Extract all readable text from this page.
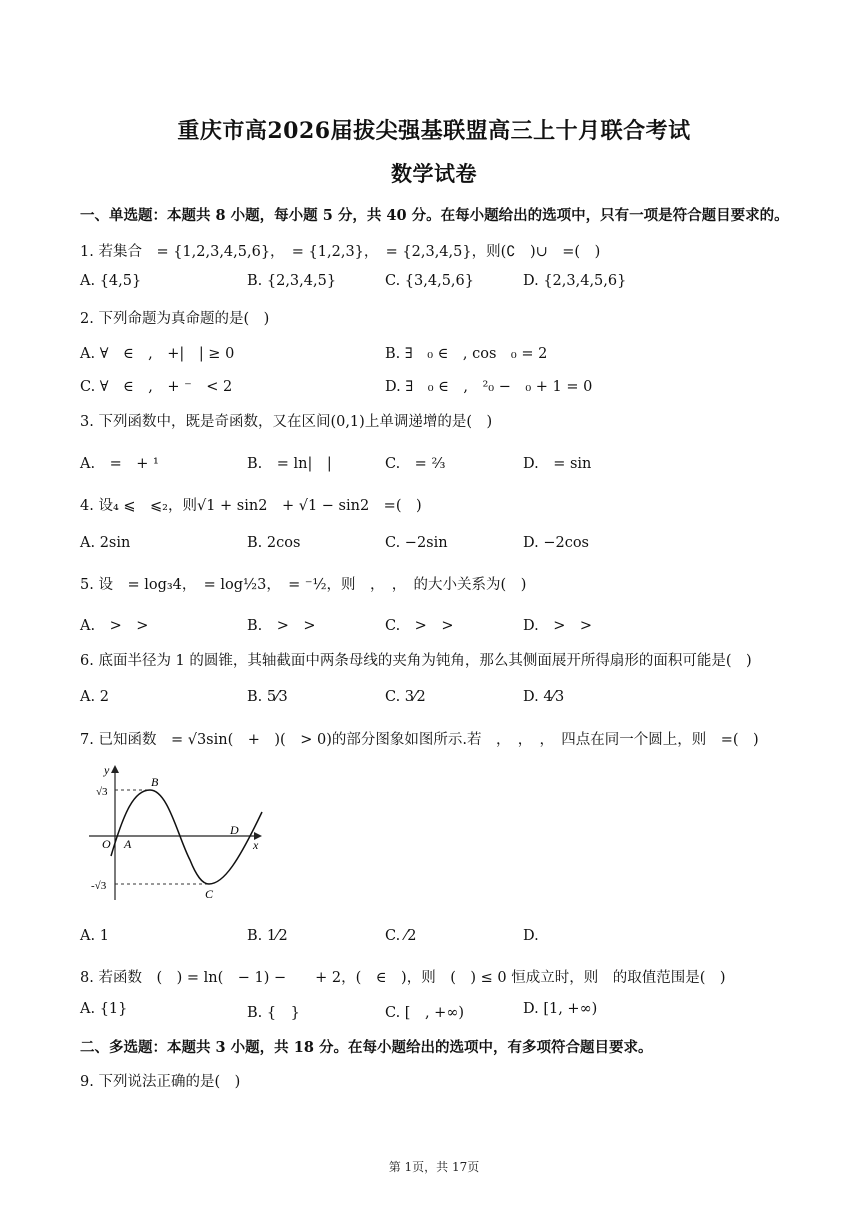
重庆市高2026届拔尖强基联盟高三上十月联合考试
数学试卷
一、单选题：本题共 8 小题，每小题 5 分，共 40 分。在每小题给出的选项中，只有一项是符合题目要求的。
1. 若集合　= {1,2,3,4,5,6}，　= {1,2,3}，　= {2,3,4,5}，则(∁　)∪　=(　)
A. {4,5}	B. {2,3,4,5}	C. {3,4,5,6}	D. {2,3,4,5,6}
2. 下列命题为真命题的是(　)
A. ∀　∈　,　+|　| ≥ 0	B. ∃　₀ ∈　, cos　₀ = 2
C. ∀　∈　,　+ ⁻　< 2	D. ∃　₀ ∈　,　²₀ −　₀ + 1 = 0
3. 下列函数中，既是奇函数，又在区间(0,1)上单调递增的是(　)
A.　=　+ ¹	B.　= ln|　|	C.　= ²⁄₃	D.　= sin
4. 设₄ ⩽　⩽₂，则√1 + sin2　+ √1 − sin2　=(　)
A. 2sin	B. 2cos	C. −2sin	D. −2cos
5. 设　= log₃4，　= log½3，　= ⁻½，则　，　，　的大小关系为(　)
A.　>　>	B.　>　>	C.　>　>	D.　>　>
6. 底面半径为 1 的圆锥，其轴截面中两条母线的夹角为钝角，那么其侧面展开所得扇形的面积可能是(　)
A. 2	B. 5⁄3	C. 3⁄2	D. 4⁄3
7. 已知函数　= √3sin(　+　)(　> 0)的部分图象如图所示.若　，　，　，　四点在同一个圆上，则　=(　)
y
x
O
√3
-√3
A
B
C
D
A. 1	B. 1⁄2	C. ⁄2	D.
8. 若函数　(　) = ln(　− 1) −　　+ 2，(　∈　)，则　(　) ≤ 0 恒成立时，则　的取值范围是(　)
A. {1}	B. {　}	C. [　, +∞)	D. [1, +∞)
二、多选题：本题共 3 小题，共 18 分。在每小题给出的选项中，有多项符合题目要求。
9. 下列说法正确的是(　)
第 1页，共 17页
